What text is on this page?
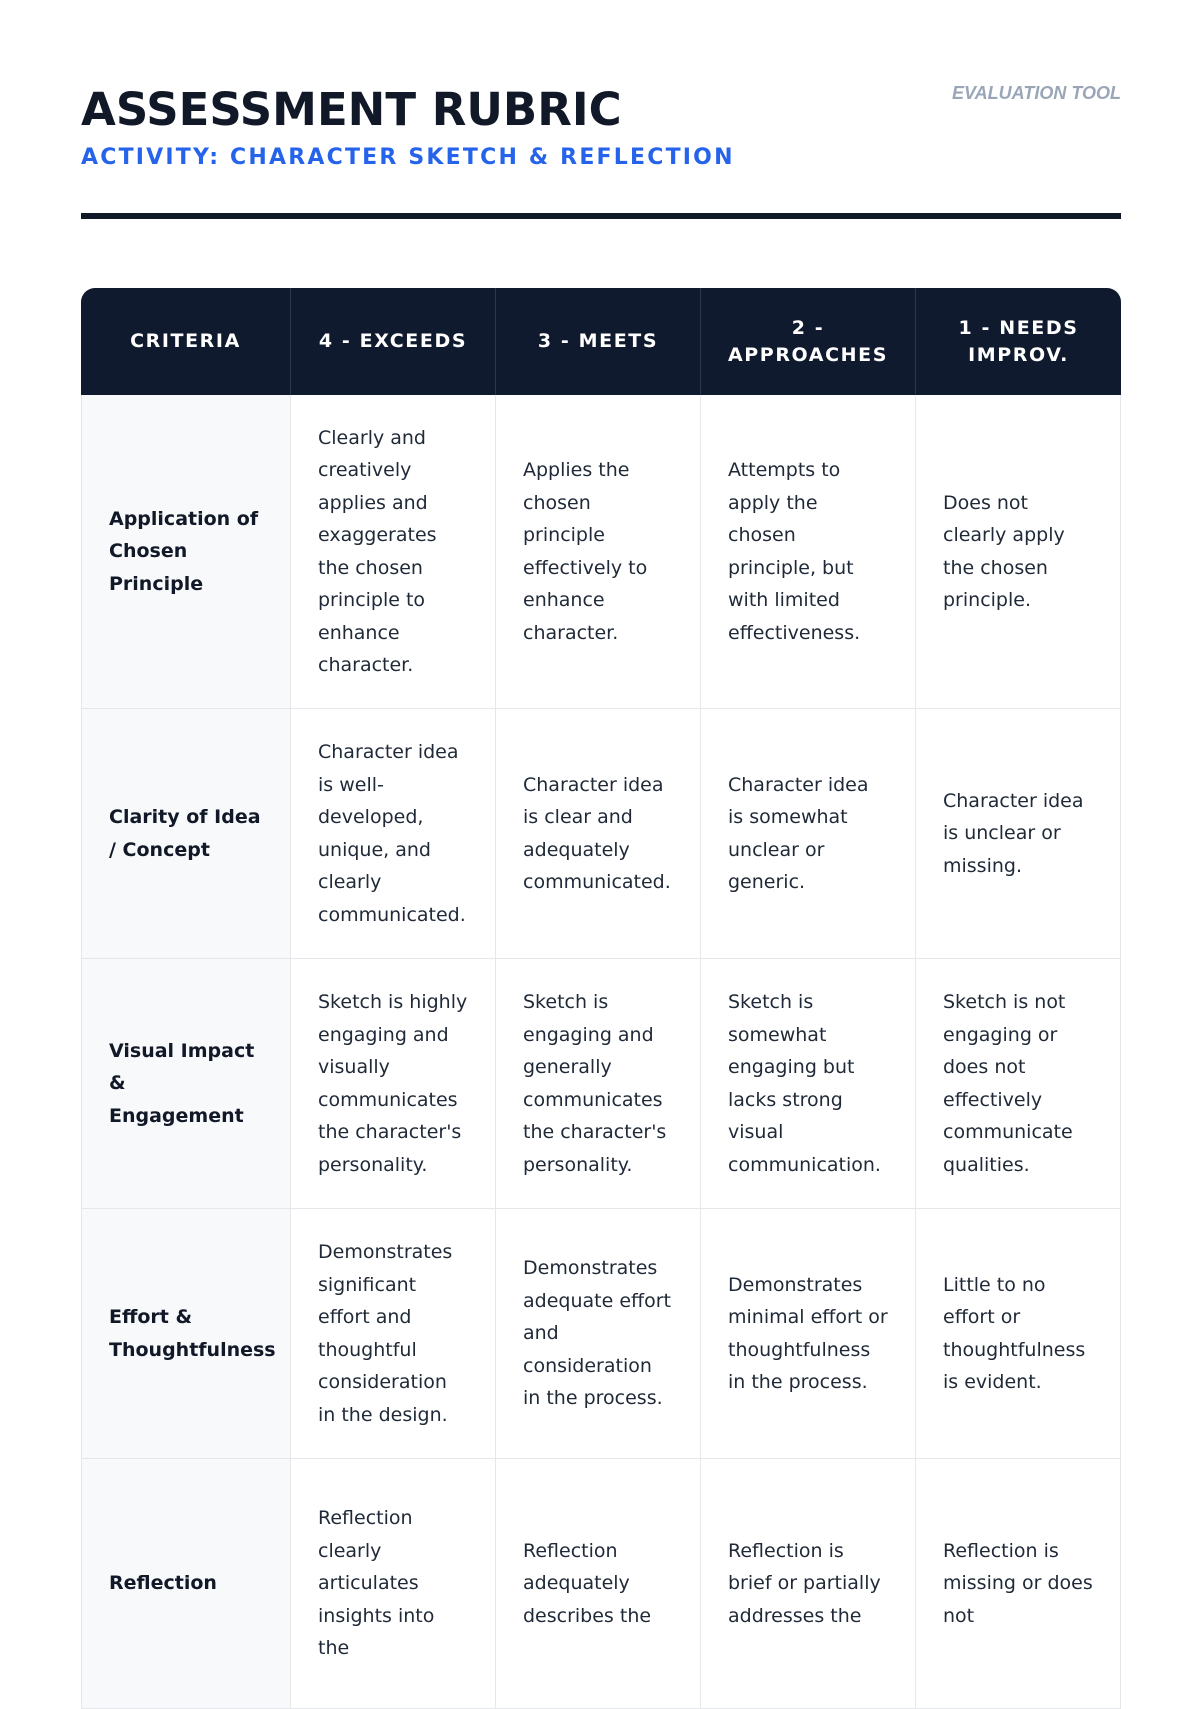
ASSESSMENT RUBRIC
ACTIVITY: CHARACTER SKETCH & REFLECTION
EVALUATION TOOL
CRITERIA	4 - EXCEEDS	3 - MEETS	2 - APPROACHES	1 - NEEDS IMPROV.
Application of Chosen Principle	Clearly and creatively applies and exaggerates the chosen principle to enhance character.	Applies the chosen principle effectively to enhance character.	Attempts to apply the chosen principle, but with limited effectiveness.	Does not clearly apply the chosen principle.
Clarity of Idea / Concept	Character idea is well-developed, unique, and clearly communicated.	Character idea is clear and adequately communicated.	Character idea is somewhat unclear or generic.	Character idea is unclear or missing.
Visual Impact & Engagement	Sketch is highly engaging and visually communicates the character's personality.	Sketch is engaging and generally communicates the character's personality.	Sketch is somewhat engaging but lacks strong visual communication.	Sketch is not engaging or does not effectively communicate qualities.
Effort & Thoughtfulness	Demonstrates significant effort and thoughtful consideration in the design.	Demonstrates adequate effort and consideration in the process.	Demonstrates minimal effort or thoughtfulness in the process.	Little to no effort or thoughtfulness is evident.
Reflection	Reflection clearly articulates insights into the	Reflection adequately describes the	Reflection is brief or partially addresses the	Reflection is missing or does not
